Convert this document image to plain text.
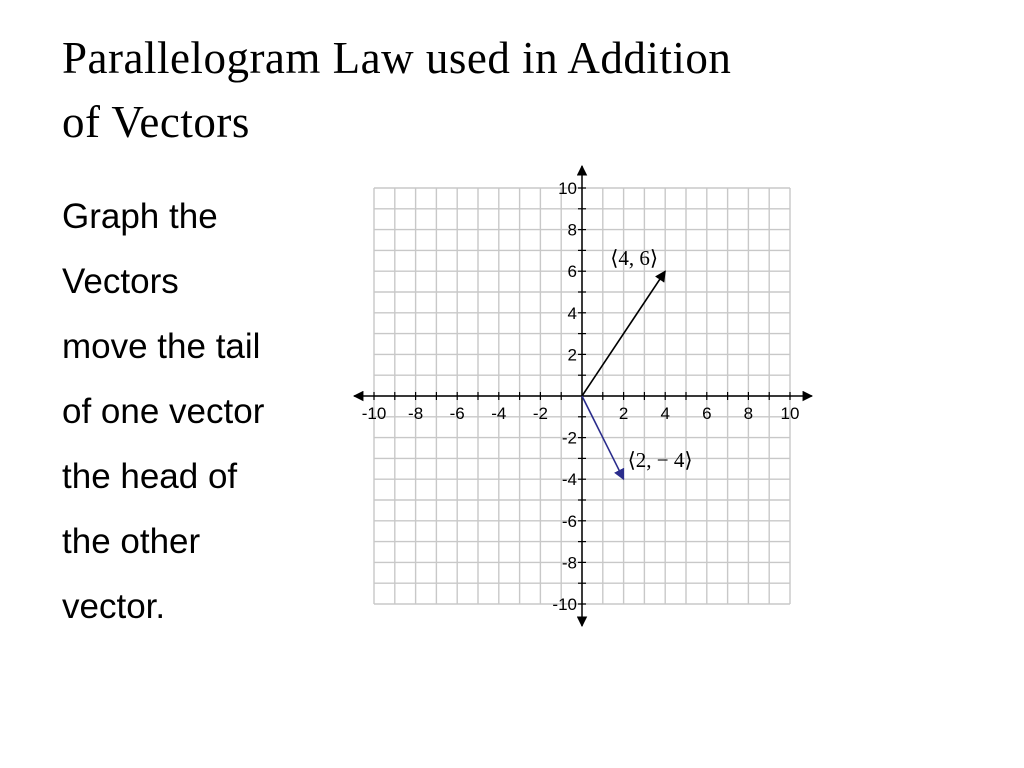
Parallelogram Law used in Addition
of Vectors
Graph the
Vectors
move the tail
of one vector
the head of
the other
vector.
-10 -8 -6 -4 -2	2 4 6 8 10
10
8
6
4
2
-2
-4
-6
-8
-10
⟨4, 6⟩
⟨2, − 4⟩
